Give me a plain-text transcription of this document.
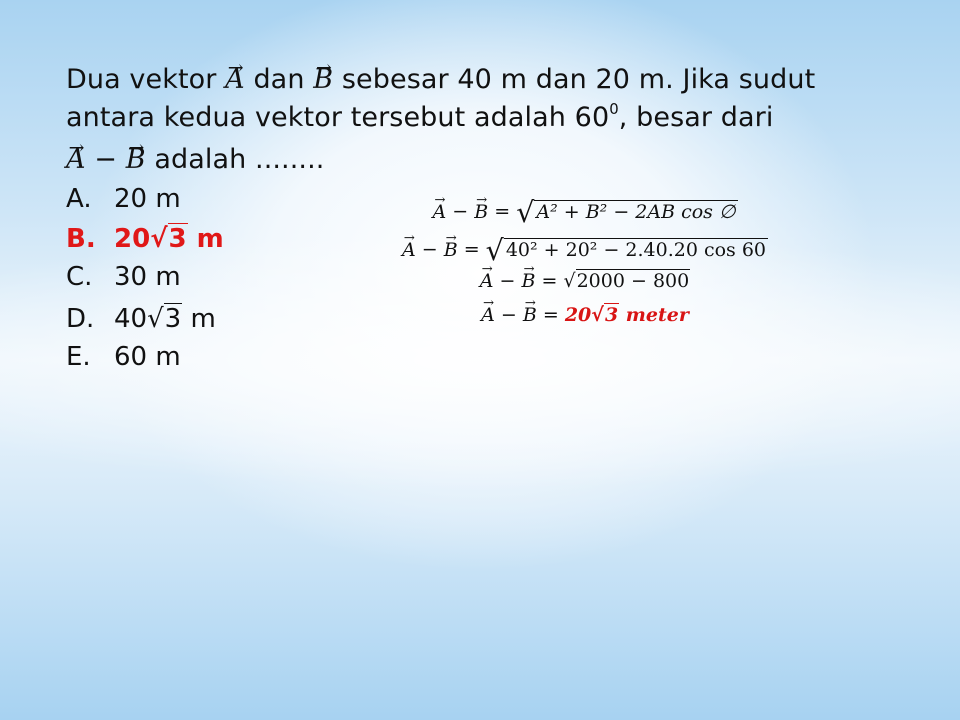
Dua vektor → A dan → B sebesar 40 m dan 20 m. Jika sudut
antara kedua vektor tersebut adalah $60^0$, besar dari
→ A − → B adalah ........
A. 20 m
B. 20√3 m
C. 30 m
D. 40√3 m
E. 60 m
→ A − → B = √ A² + B² − 2AB cos ∅
→ A − → B = √ 40² + 20² − 2.40.20 cos 60
→ A − → B = √2000 − 800
→ A − → B = 20√3 meter
